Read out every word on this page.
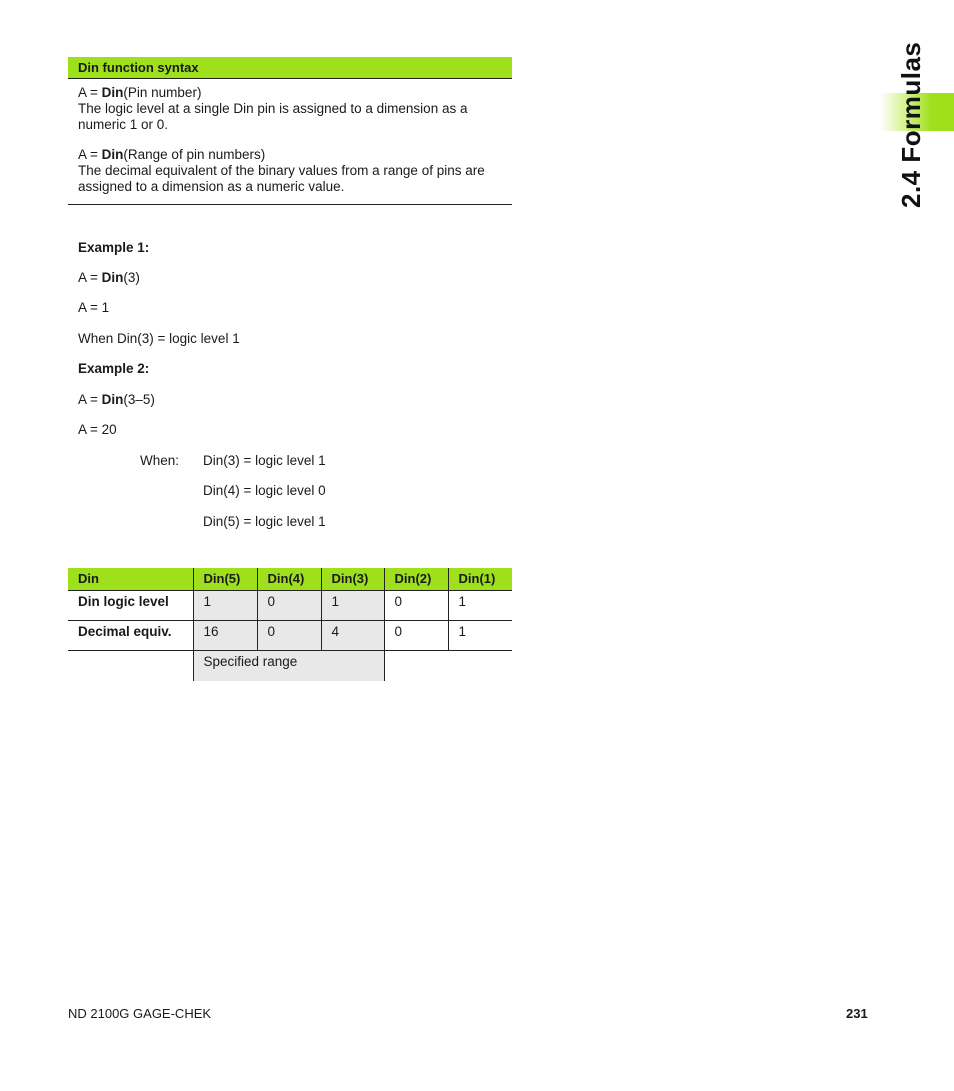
Din function syntax

A = Din(Pin number)

The logic level at a single Din pin is assigned to a dimension as a

numeric 1 or 0.

A = Din(Range of pin numbers)

The decimal equivalent of the binary values from a range of pins are

assigned to a dimension as a numeric value.

Example 1:
A = Din(3)
A = 1
When Din(3) = logic level 1
Example 2:
A = Din(3–5)
A = 20
When: Din(3) = logic level 1
Din(4) = logic level 0
Din(5) = logic level 1
Din	Din(5)	Din(4)	Din(3)	Din(2)	Din(1)
Din logic level	1	0	1	0	1
Decimal equiv.	16	0	4	0	1
	Specified range				
2.4 Formulas
ND 2100G GAGE-CHEK	231
